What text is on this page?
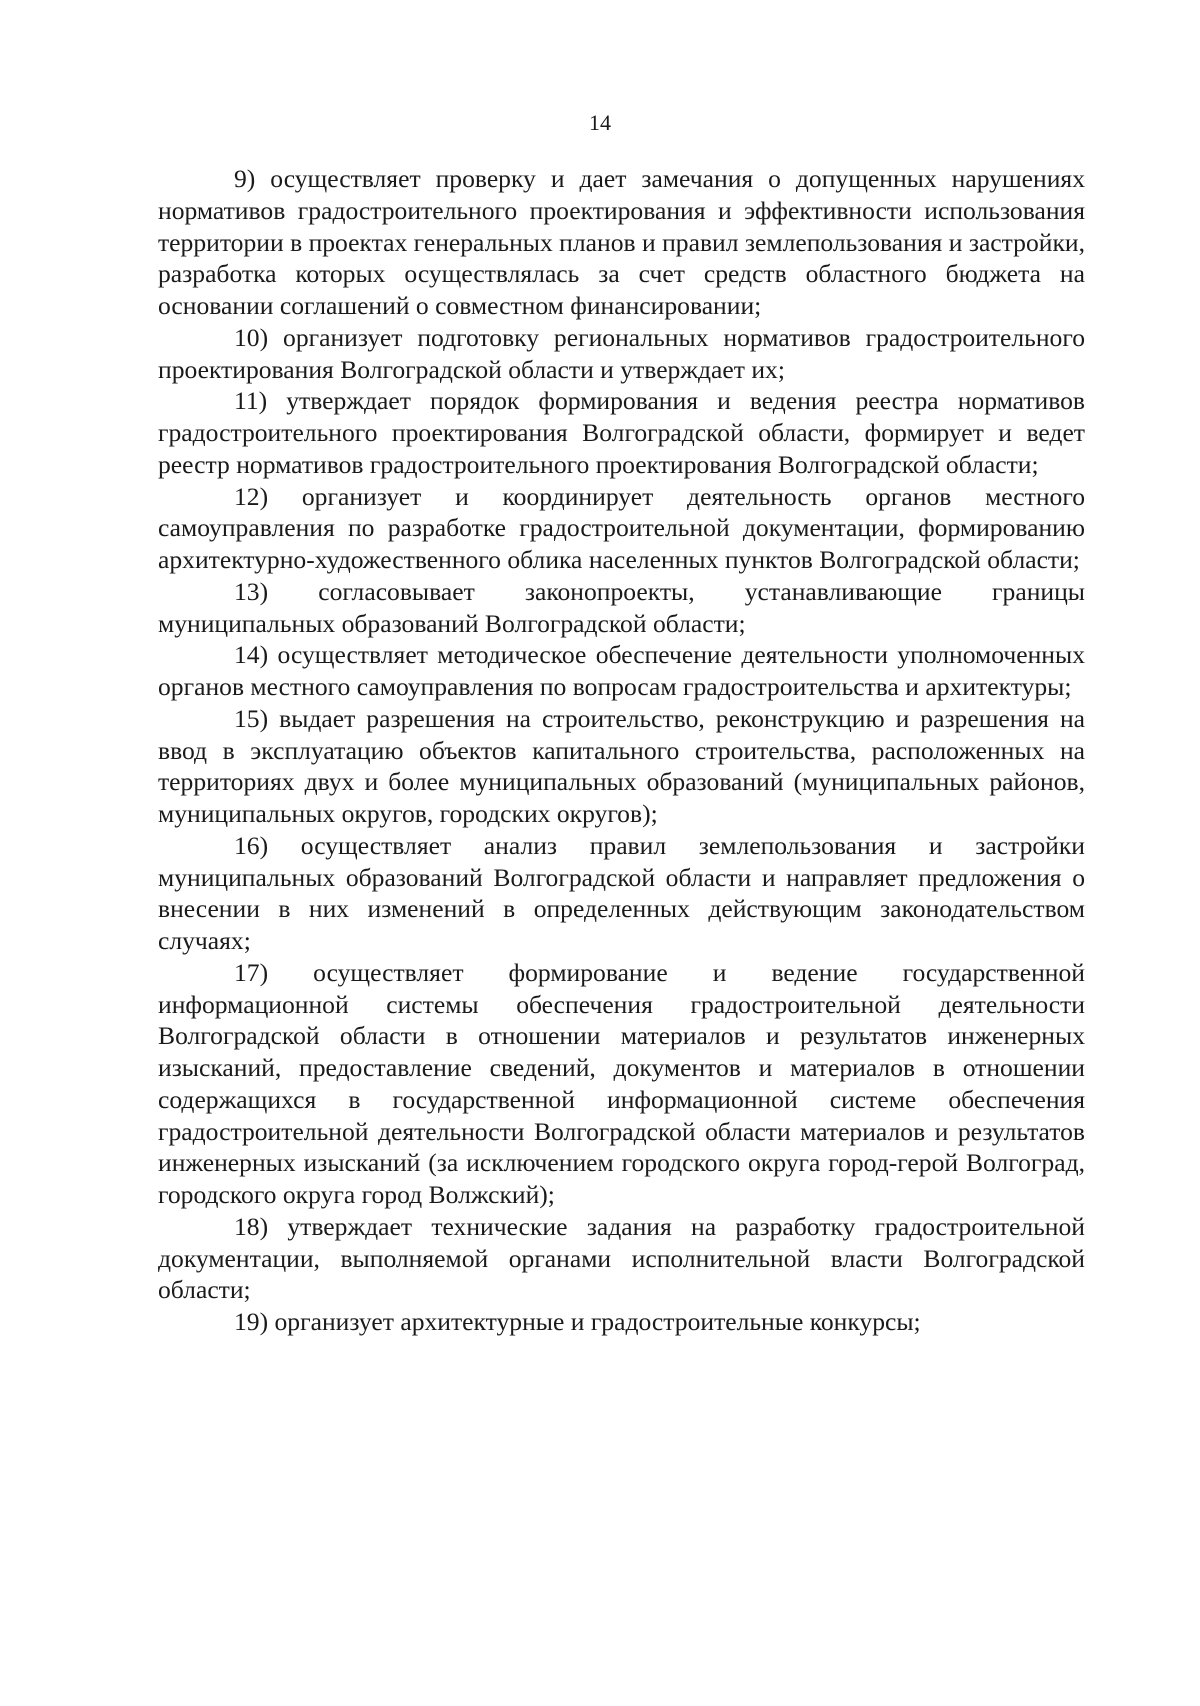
14

9) осуществляет проверку и дает замечания о допущенных нарушениях нормативов градостроительного проектирования и эффективности использования территории в проектах генеральных планов и правил землепользования и застройки, разработка которых осуществлялась за счет средств областного бюджета на основании соглашений о совместном финансировании;

10) организует подготовку региональных нормативов градостроительного проектирования Волгоградской области и утверждает их;

11) утверждает порядок формирования и ведения реестра нормативов градостроительного проектирования Волгоградской области, формирует и ведет реестр нормативов градостроительного проектирования Волгоградской области;

12) организует и координирует деятельность органов местного самоуправления по разработке градостроительной документации, формированию архитектурно-художественного облика населенных пунктов Волгоградской области;

13) согласовывает законопроекты, устанавливающие границы муниципальных образований Волгоградской области;

14) осуществляет методическое обеспечение деятельности уполномоченных органов местного самоуправления по вопросам градостроительства и архитектуры;

15) выдает разрешения на строительство, реконструкцию и разрешения на ввод в эксплуатацию объектов капитального строительства, расположенных на территориях двух и более муниципальных образований (муниципальных районов, муниципальных округов, городских округов);

16) осуществляет анализ правил землепользования и застройки муниципальных образований Волгоградской области и направляет предложения о внесении в них изменений в определенных действующим законодательством случаях;

17) осуществляет формирование и ведение государственной информационной системы обеспечения градостроительной деятельности Волгоградской области в отношении материалов и результатов инженерных изысканий, предоставление сведений, документов и материалов в отношении содержащихся в государственной информационной системе обеспечения градостроительной деятельности Волгоградской области материалов и результатов инженерных изысканий (за исключением городского округа город-герой Волгоград, городского округа город Волжский);

18) утверждает технические задания на разработку градостроительной документации, выполняемой органами исполнительной власти Волгоградской области;

19) организует архитектурные и градостроительные конкурсы;
